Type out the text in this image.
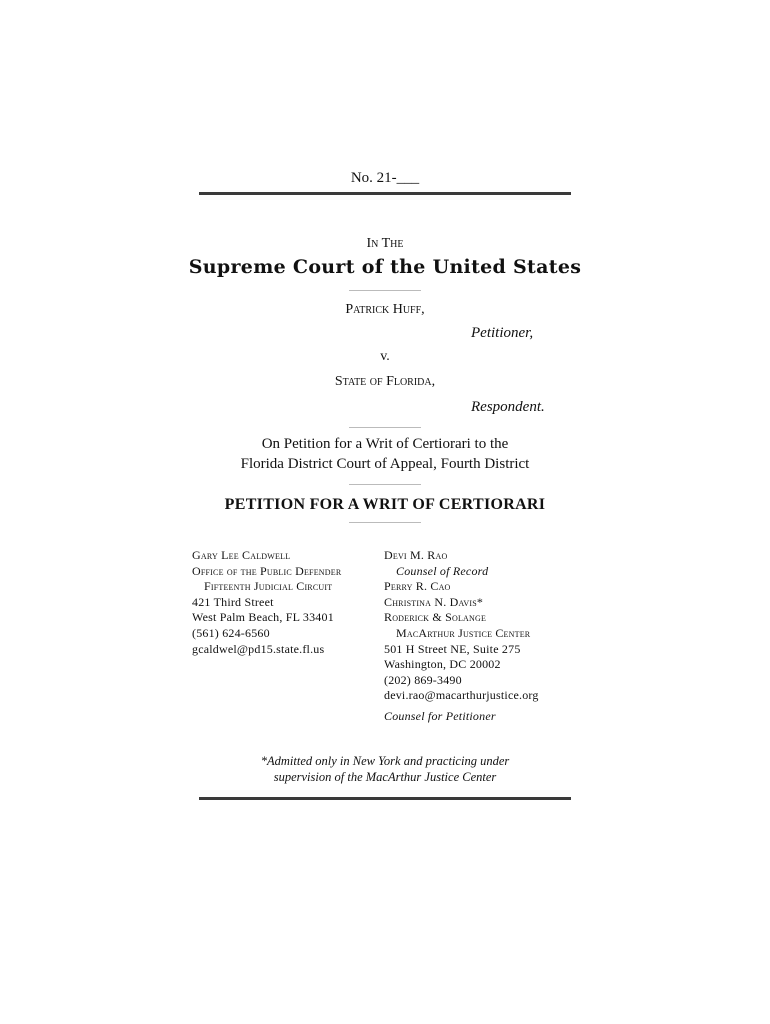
No. 21-___
In The
Supreme Court of the United States
Patrick Huff,
Petitioner,
v.
State of Florida,
Respondent.
On Petition for a Writ of Certiorari to the
Florida District Court of Appeal, Fourth District
PETITION FOR A WRIT OF CERTIORARI
Gary Lee Caldwell
Office of the Public Defender
Fifteenth Judicial Circuit
421 Third Street
West Palm Beach, FL 33401
(561) 624-6560
gcaldwel@pd15.state.fl.us
Devi M. Rao
Counsel of Record
Perry R. Cao
Christina N. Davis*
Roderick & Solange
MacArthur Justice Center
501 H Street NE, Suite 275
Washington, DC 20002
(202) 869-3490
devi.rao@macarthurjustice.org
Counsel for Petitioner
*Admitted only in New York and practicing under
supervision of the MacArthur Justice Center
